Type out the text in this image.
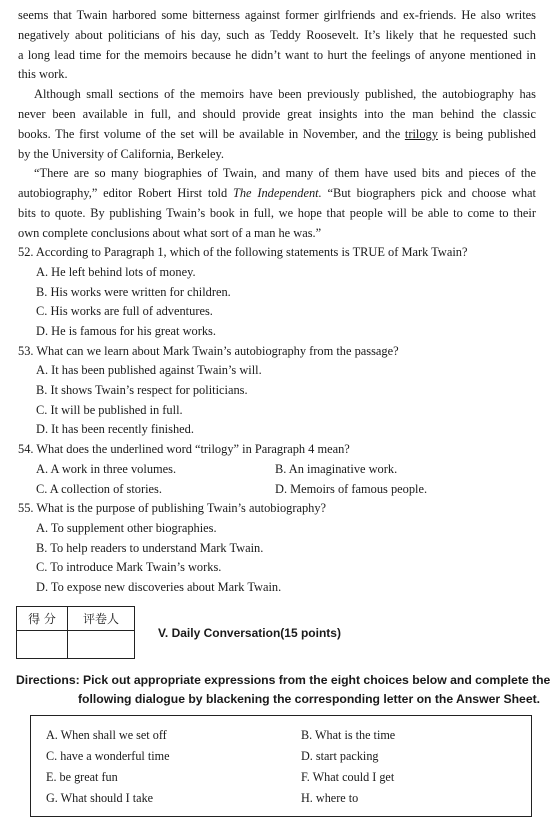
seems that Twain harbored some bitterness against former girlfriends and ex-friends. He also writes
negatively about politicians of his day, such as Teddy Roosevelt. It’s likely that he requested such
a long lead time for the memoirs because he didn’t want to hurt the feelings of anyone mentioned in
this work.
Although small sections of the memoirs have been previously published, the autobiography has
never been available in full, and should provide great insights into the man behind the classic
books. The first volume of the set will be available in November, and the trilogy is being published
by the University of California, Berkeley.
“There are so many biographies of Twain, and many of them have used bits and pieces of the
autobiography,” editor Robert Hirst told The Independent. “But biographers pick and choose what
bits to quote. By publishing Twain’s book in full, we hope that people will be able to come to their
own complete conclusions about what sort of a man he was.”
52. According to Paragraph 1, which of the following statements is TRUE of Mark Twain?
A. He left behind lots of money.
B. His works were written for children.
C. His works are full of adventures.
D. He is famous for his great works.
53. What can we learn about Mark Twain’s autobiography from the passage?
A. It has been published against Twain’s will.
B. It shows Twain’s respect for politicians.
C. It will be published in full.
D. It has been recently finished.
54. What does the underlined word “trilogy” in Paragraph 4 mean?
A. A work in three volumes.	B. An imaginative work.
C. A collection of stories.	D. Memoirs of famous people.
55. What is the purpose of publishing Twain’s autobiography?
A. To supplement other biographies.
B. To help readers to understand Mark Twain.
C. To introduce Mark Twain’s works.
D. To expose new discoveries about Mark Twain.
得 分	评卷人

V. Daily Conversation(15 points)
Directions: Pick out appropriate expressions from the eight choices below and complete the
following dialogue by blackening the corresponding letter on the Answer Sheet.
A. When shall we set off	B. What is the time
C. have a wonderful time	D. start packing
E. be great fun	F. What could I get
G. What should I take	H. where to
